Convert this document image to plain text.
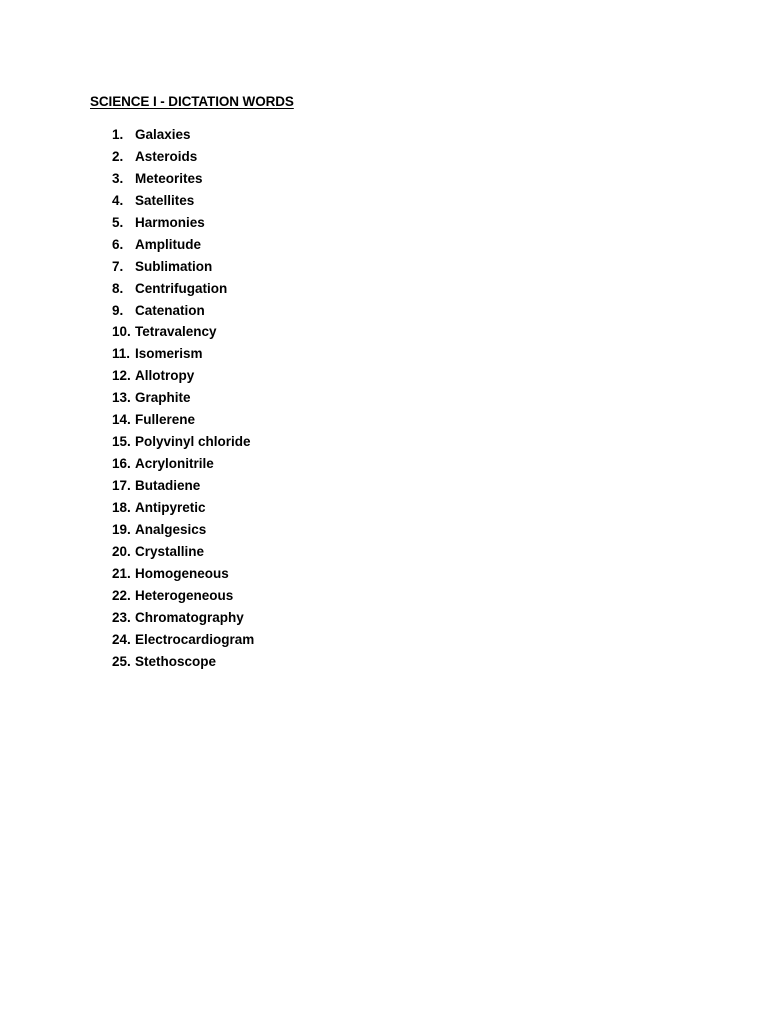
SCIENCE I - DICTATION WORDS
1. Galaxies
2. Asteroids
3. Meteorites
4. Satellites
5. Harmonies
6. Amplitude
7. Sublimation
8. Centrifugation
9. Catenation
10. Tetravalency
11. Isomerism
12. Allotropy
13. Graphite
14. Fullerene
15. Polyvinyl chloride
16. Acrylonitrile
17. Butadiene
18. Antipyretic
19. Analgesics
20. Crystalline
21. Homogeneous
22. Heterogeneous
23. Chromatography
24. Electrocardiogram
25. Stethoscope
